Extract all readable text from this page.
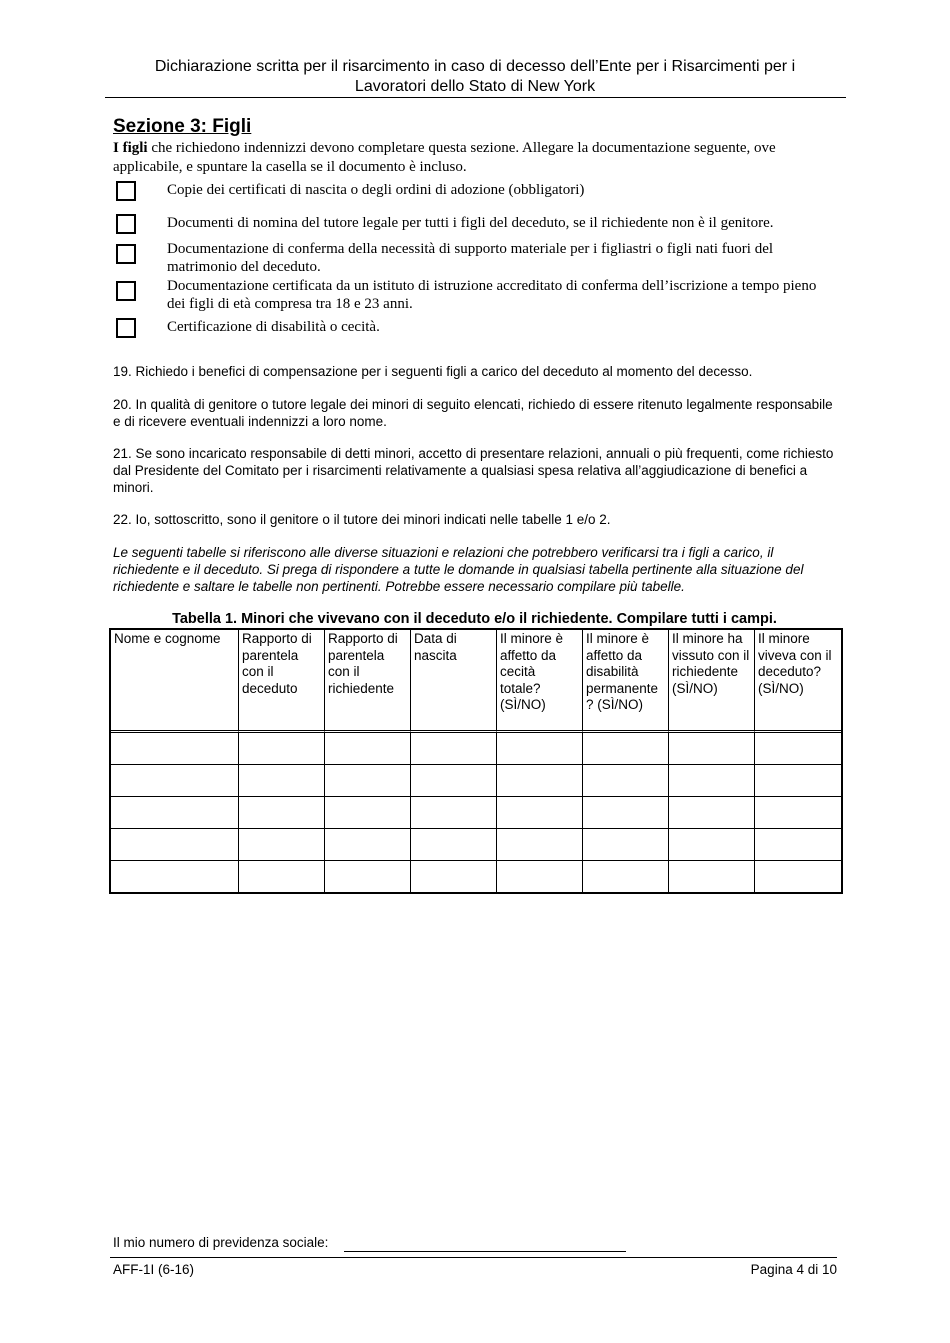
Dichiarazione scritta per il risarcimento in caso di decesso dell’Ente per i Risarcimenti per i
Lavoratori dello Stato di New York
Sezione 3: Figli
I figli che richiedono indennizzi devono completare questa sezione. Allegare la documentazione seguente, ove applicabile, e spuntare la casella se il documento è incluso.
Copie dei certificati di nascita o degli ordini di adozione (obbligatori)
Documenti di nomina del tutore legale per tutti i figli del deceduto, se il richiedente non è il genitore.
Documentazione di conferma della necessità di supporto materiale per i figliastri o figli nati fuori del matrimonio del deceduto.
Documentazione certificata da un istituto di istruzione accreditato di conferma dell’iscrizione a tempo pieno dei figli di età compresa tra 18 e 23 anni.
Certificazione di disabilità o cecità.
19. Richiedo i benefici di compensazione per i seguenti figli a carico del deceduto al momento del decesso.
20. In qualità di genitore o tutore legale dei minori di seguito elencati, richiedo di essere ritenuto legalmente responsabile e di ricevere eventuali indennizzi a loro nome.
21. Se sono incaricato responsabile di detti minori, accetto di presentare relazioni, annuali o più frequenti, come richiesto dal Presidente del Comitato per i risarcimenti relativamente a qualsiasi spesa relativa all’aggiudicazione di benefici a minori.
22. Io, sottoscritto, sono il genitore o il tutore dei minori indicati nelle tabelle 1 e/o 2.
Le seguenti tabelle si riferiscono alle diverse situazioni e relazioni che potrebbero verificarsi tra i figli a carico, il richiedente e il deceduto. Si prega di rispondere a tutte le domande in qualsiasi tabella pertinente alla situazione del richiedente e saltare le tabelle non pertinenti. Potrebbe essere necessario compilare più tabelle.
Tabella 1. Minori che vivevano con il deceduto e/o il richiedente. Compilare tutti i campi.
Nome e cognome	Rapporto di parentela con il deceduto	Rapporto di parentela con il richiedente	Data di nascita	Il minore è affetto da cecità totale? (SÌ/NO)	Il minore è affetto da disabilità permanente ? (SÌ/NO)	Il minore ha vissuto con il richiedente (SÌ/NO)	Il minore viveva con il deceduto? (SÌ/NO)

Il mio numero di previdenza sociale:
AFF-1I (6-16)	Pagina 4 di 10
